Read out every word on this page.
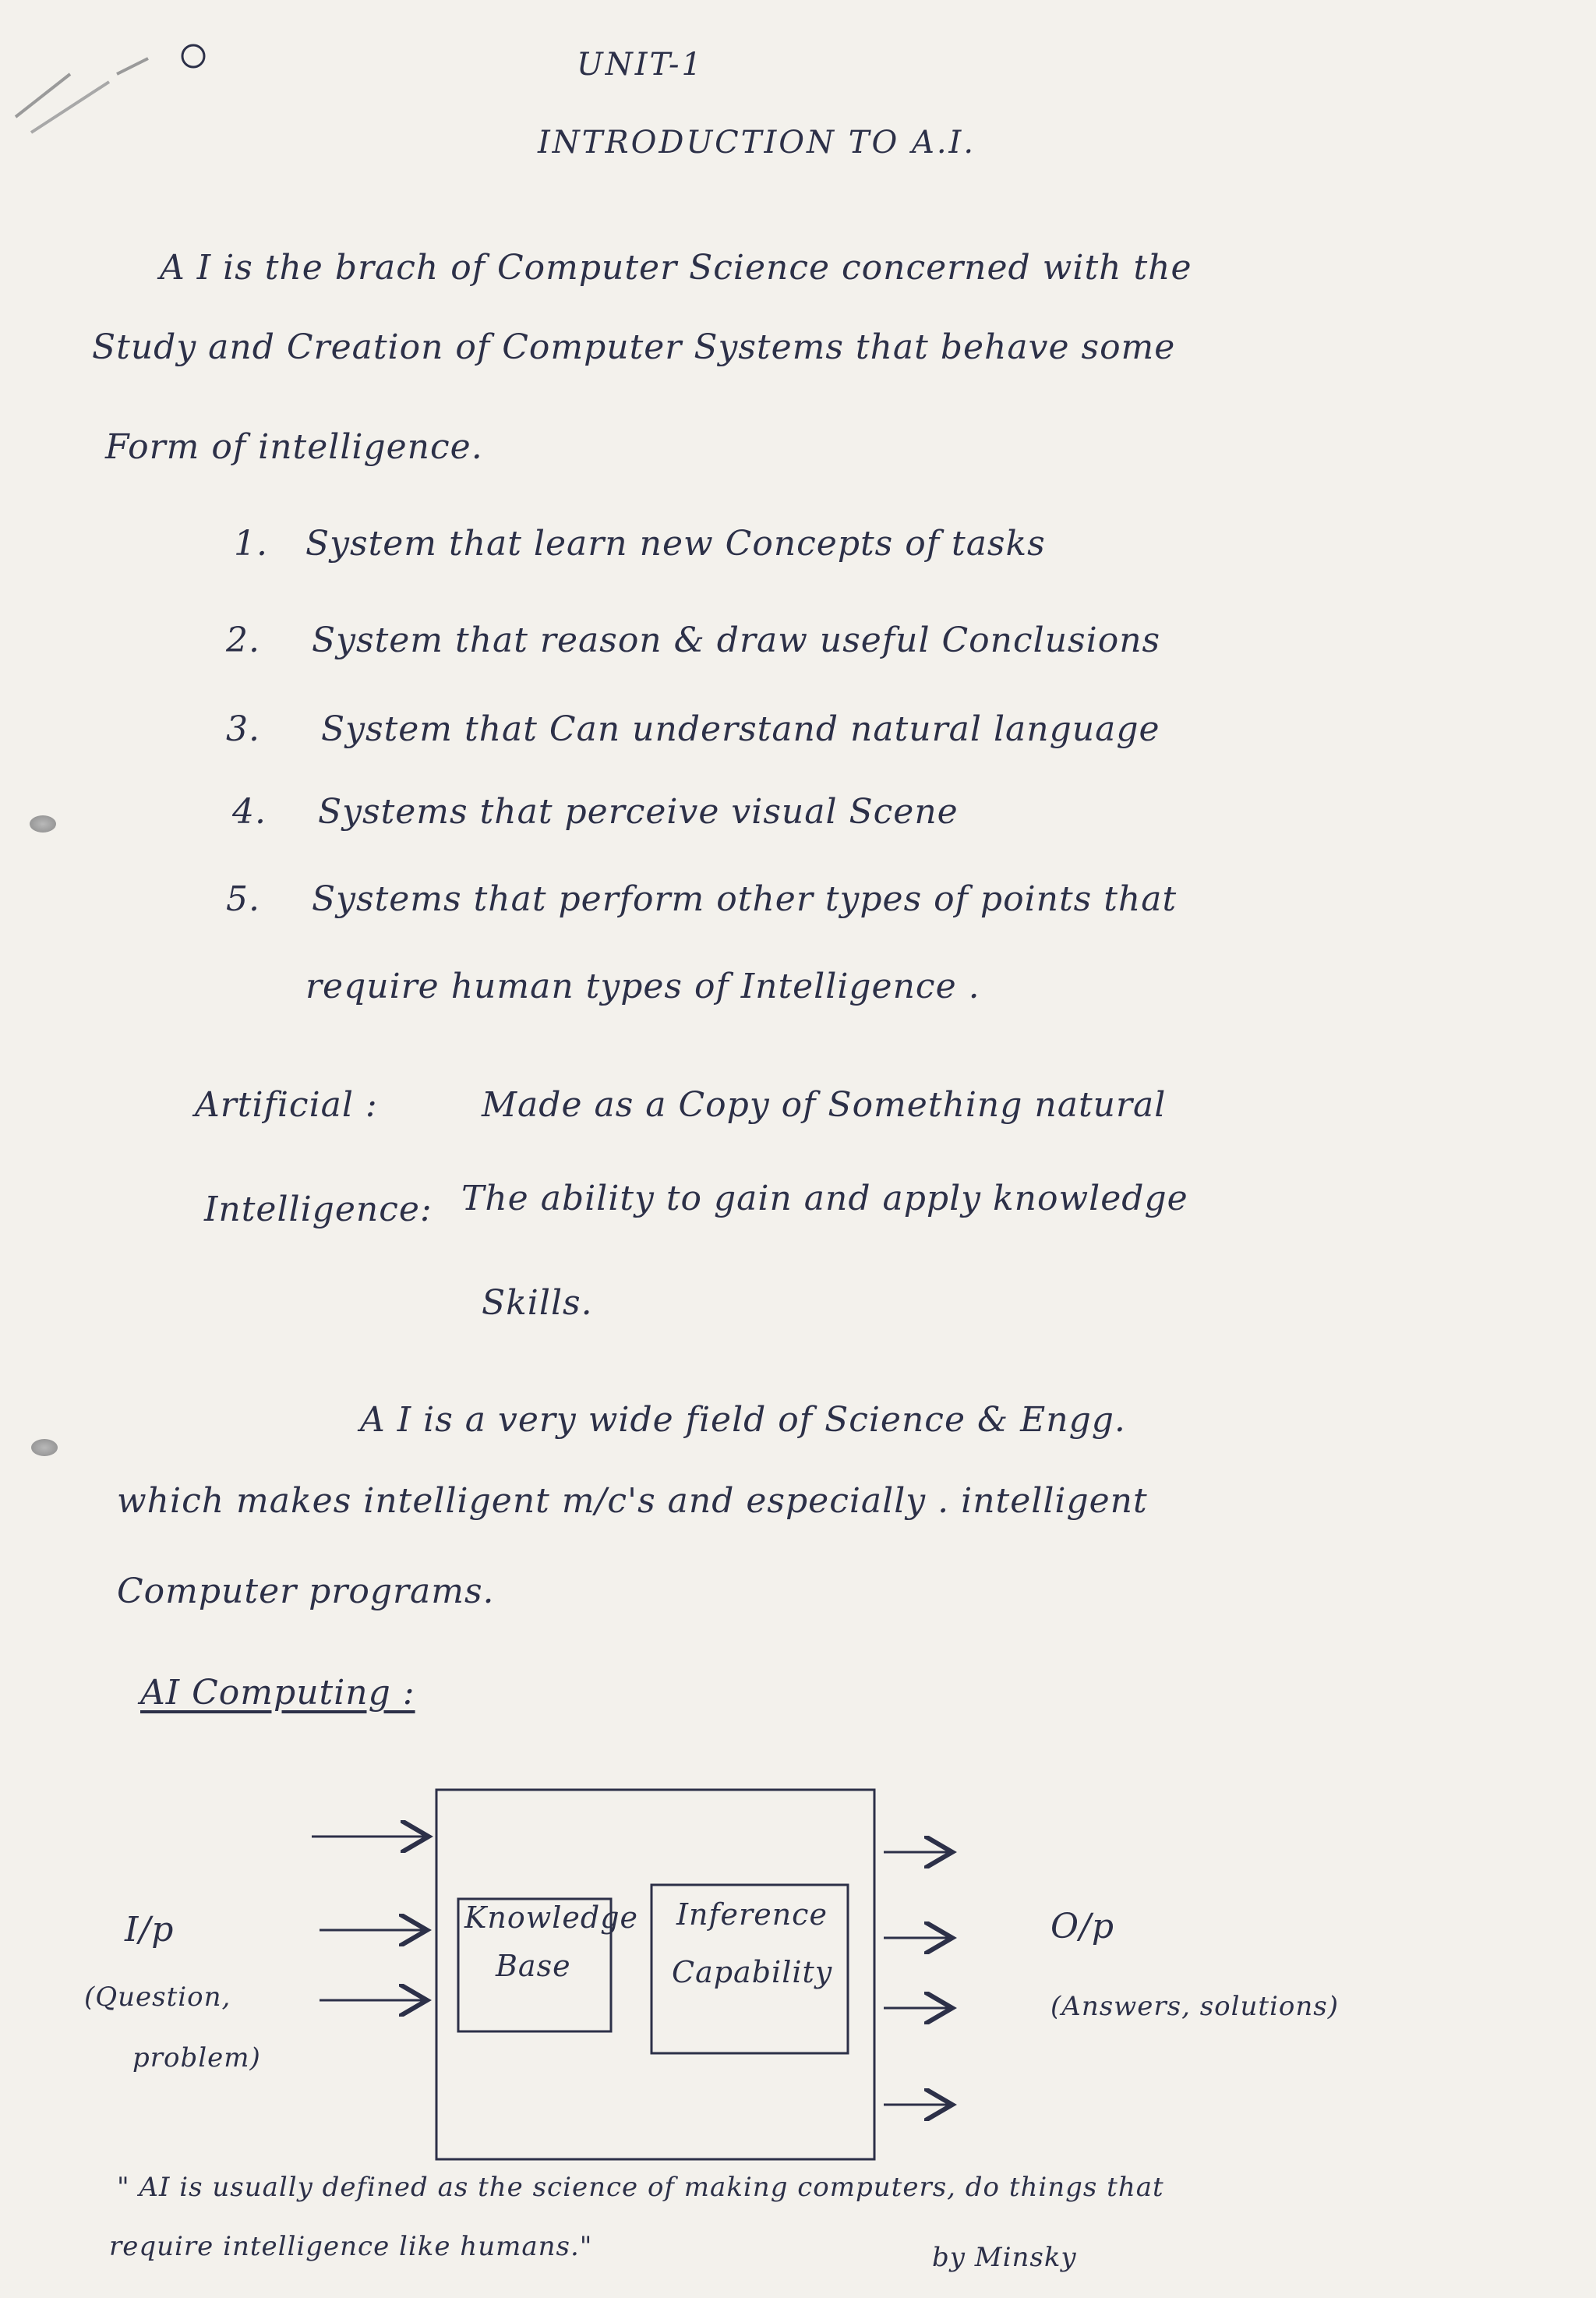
UNIT-1
INTRODUCTION TO A.I.
A I is the brach of Computer Science concerned with the
Study and Creation of Computer Systems that behave some
Form of intelligence.
1. System that learn new Concepts of tasks
2. System that reason & draw useful Conclusions
3. System that Can understand natural language
4. Systems that perceive visual Scene
5. Systems that perform other types of points that
require human types of Intelligence .
Artificial :	Made as a Copy of Something natural
Intelligence: The ability to gain and apply knowledge
Skills.
A I is a very wide field of Science & Engg.
which makes intelligent m/c's and especially . intelligent
Computer programs.
AI Computing :
I/p
(Question,
problem)
Knowledge
Base
Inference
Capability
O/p
(Answers, solutions)
" AI is usually defined as the science of making computers, do things that
require intelligence like humans."	by Minsky
